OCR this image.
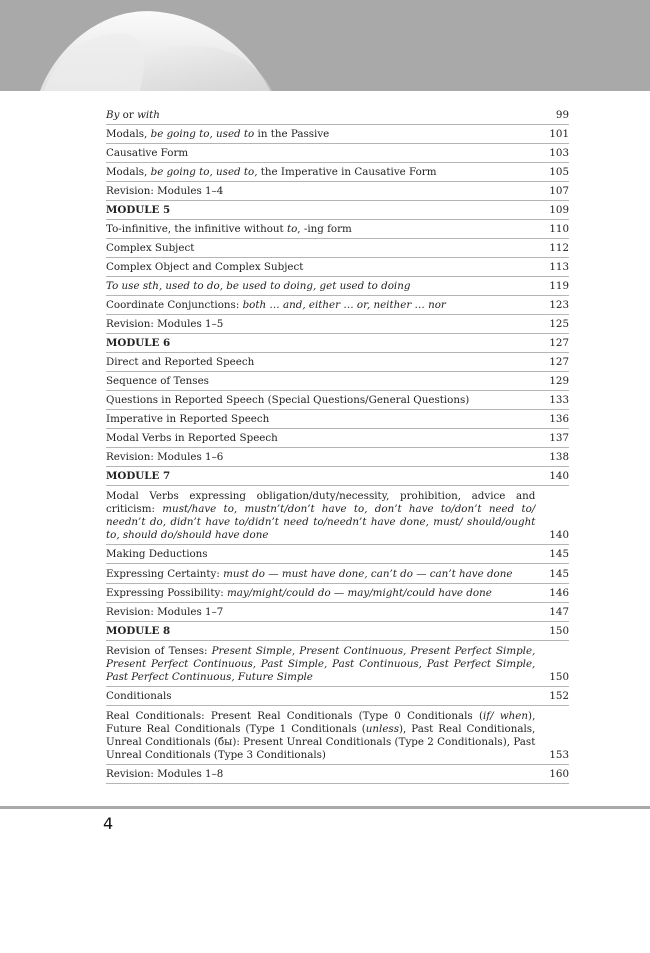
By or with	99
Modals, be going to, used to in the Passive	101
Causative Form	103
Modals, be going to, used to, the Imperative in Causative Form	105
Revision: Modules 1–4	107
MODULE 5	109
To-infinitive, the infinitive without to, -ing form	110
Complex Subject	112
Complex Object and Complex Subject	113
To use sth, used to do, be used to doing, get used to doing	119
Coordinate Conjunctions: both … and, either … or, neither … nor	123
Revision: Modules 1–5	125
MODULE 6	127
Direct and Reported Speech	127
Sequence of Tenses	129
Questions in Reported Speech (Special Questions/General Questions)	133
Imperative in Reported Speech	136
Modal Verbs in Reported Speech	137
Revision: Modules 1–6	138
MODULE 7	140
Modal Verbs expressing obligation/duty/necessity, prohibition, advice and criticism: must/have to, mustn’t/don’t have to, don’t have to/don’t need to/ needn’t do, didn’t have to/didn’t need to/needn’t have done, must/ should/ought to, should do/should have done	140
Making Deductions	145
Expressing Certainty: must do — must have done, can’t do — can’t have done	145
Expressing Possibility: may/might/could do — may/might/could have done	146
Revision: Modules 1–7	147
MODULE 8	150
Revision of Tenses: Present Simple, Present Continuous, Present Perfect Simple, Present Perfect Continuous, Past Simple, Past Continuous, Past Perfect Simple, Past Perfect Continuous, Future Simple	150
Conditionals	152
Real Conditionals: Present Real Conditionals (Type 0 Conditionals (if/ when), Future Real Conditionals (Type 1 Conditionals (unless), Past Real Conditionals, Unreal Conditionals (бы): Present Unreal Conditionals (Type 2 Conditionals), Past Unreal Conditionals (Type 3 Conditionals)	153
Revision: Modules 1–8	160
4
